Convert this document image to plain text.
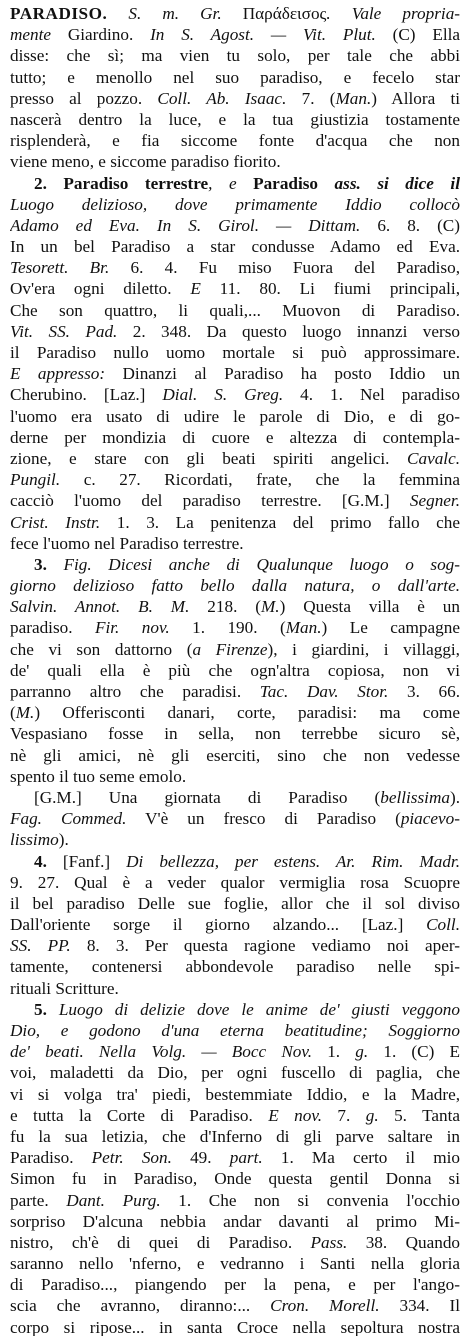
PARADISO. S. m. Gr. Παράδεισος. Vale propria-
mente Giardino. In S. Agost. — Vit. Plut. (C) Ella
disse: che sì; ma vien tu solo, per tale che abbi
tutto; e menollo nel suo paradiso, e fecelo star
presso al pozzo. Coll. Ab. Isaac. 7. (Man.) Allora ti
nascerà dentro la luce, e la tua giustizia tostamente
risplenderà, e fia siccome fonte d'acqua che non
viene meno, e siccome paradiso fiorito.
2. Paradiso terrestre, e Paradiso ass. si dice il
Luogo delizioso, dove primamente Iddio collocò
Adamo ed Eva. In S. Girol. — Dittam. 6. 8. (C)
In un bel Paradiso a star condusse Adamo ed Eva.
Tesorett. Br. 6. 4. Fu miso Fuora del Paradiso,
Ov'era ogni diletto. E 11. 80. Li fiumi principali,
Che son quattro, li quali,... Muovon di Paradiso.
Vit. SS. Pad. 2. 348. Da questo luogo innanzi verso
il Paradiso nullo uomo mortale si può approssimare.
E appresso: Dinanzi al Paradiso ha posto Iddio un
Cherubino. [Laz.] Dial. S. Greg. 4. 1. Nel paradiso
l'uomo era usato di udire le parole di Dio, e di go-
derne per mondizia di cuore e altezza di contempla-
zione, e stare con gli beati spiriti angelici. Cavalc.
Pungil. c. 27. Ricordati, frate, che la femmina
cacciò l'uomo del paradiso terrestre. [G.M.] Segner.
Crist. Instr. 1. 3. La penitenza del primo fallo che
fece l'uomo nel Paradiso terrestre.
3. Fig. Dicesi anche di Qualunque luogo o sog-
giorno delizioso fatto bello dalla natura, o dall'arte.
Salvin. Annot. B. M. 218. (M.) Questa villa è un
paradiso. Fir. nov. 1. 190. (Man.) Le campagne
che vi son dattorno (a Firenze), i giardini, i villaggi,
de' quali ella è più che ogn'altra copiosa, non vi
parranno altro che paradisi. Tac. Dav. Stor. 3. 66.
(M.) Offerisconti danari, corte, paradisi: ma come
Vespasiano fosse in sella, non terrebbe sicuro sè,
nè gli amici, nè gli eserciti, sino che non vedesse
spento il tuo seme emolo.
[G.M.] Una giornata di Paradiso (bellissima).
Fag. Commed. V'è un fresco di Paradiso (piacevo-
lissimo).
4. [Fanf.] Di bellezza, per estens. Ar. Rim. Madr.
9. 27. Qual è a veder qualor vermiglia rosa Scuopre
il bel paradiso Delle sue foglie, allor che il sol diviso
Dall'oriente sorge il giorno alzando... [Laz.] Coll.
SS. PP. 8. 3. Per questa ragione vediamo noi aper-
tamente, contenersi abbondevole paradiso nelle spi-
rituali Scritture.
5. Luogo di delizie dove le anime de' giusti veggono
Dio, e godono d'una eterna beatitudine; Soggiorno
de' beati. Nella Volg. — Bocc Nov. 1. g. 1. (C) E
voi, maladetti da Dio, per ogni fuscello di paglia, che
vi si volga tra' piedi, bestemmiate Iddio, e la Madre,
e tutta la Corte di Paradiso. E nov. 7. g. 5. Tanta
fu la sua letizia, che d'Inferno di gli parve saltare in
Paradiso. Petr. Son. 49. part. 1. Ma certo il mio
Simon fu in Paradiso, Onde questa gentil Donna si
parte. Dant. Purg. 1. Che non si convenia l'occhio
sorpriso D'alcuna nebbia andar davanti al primo Mi-
nistro, ch'è di quei di Paradiso. Pass. 38. Quando
saranno nello 'nferno, e vedranno i Santi nella gloria
di Paradiso..., piangendo per la pena, e per l'ango-
scia che avranno, diranno:... Cron. Morell. 334. Il
corpo si ripose... in santa Croce nella sepoltura nostra
